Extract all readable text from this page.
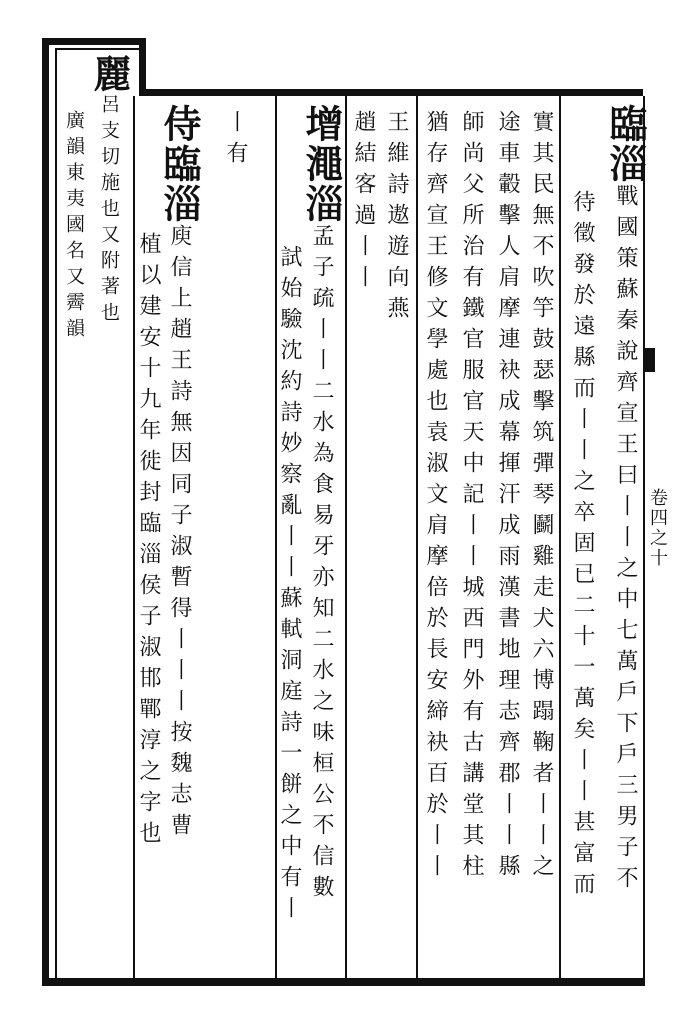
卷四之十
臨淄戰國策蘇秦說齊宣王曰丨丨之中七萬戶下戶三男子不
待徵發於遠縣而丨丨之卒固已二十一萬矣丨丨甚富而
實其民無不吹竽鼓瑟擊筑彈琴鬬雞走犬六博蹋鞠者丨丨之
途車轂擊人肩摩連袂成幕揮汗成雨漢書地理志齊郡丨丨縣
師尚父所治有鐵官服官天中記丨丨城西門外有古講堂其柱
猶存齊宣王修文學處也袁淑文肩摩倍於長安締袂百於丨丨
王維詩遨遊向燕
趙結客過丨丨
增澠淄孟子疏丨丨二水為食易牙亦知二水之味桓公不信數
試始驗沈約詩妙察亂丨丨蘇軾洞庭詩一餅之中有丨
丨有
侍臨淄庾信上趙王詩無因同子淑暫得丨丨丨按魏志曹
植以建安十九年徙封臨淄侯子淑邯鄲淳之字也
麗呂支切施也又附著也
廣韻東夷國名又霽韻
